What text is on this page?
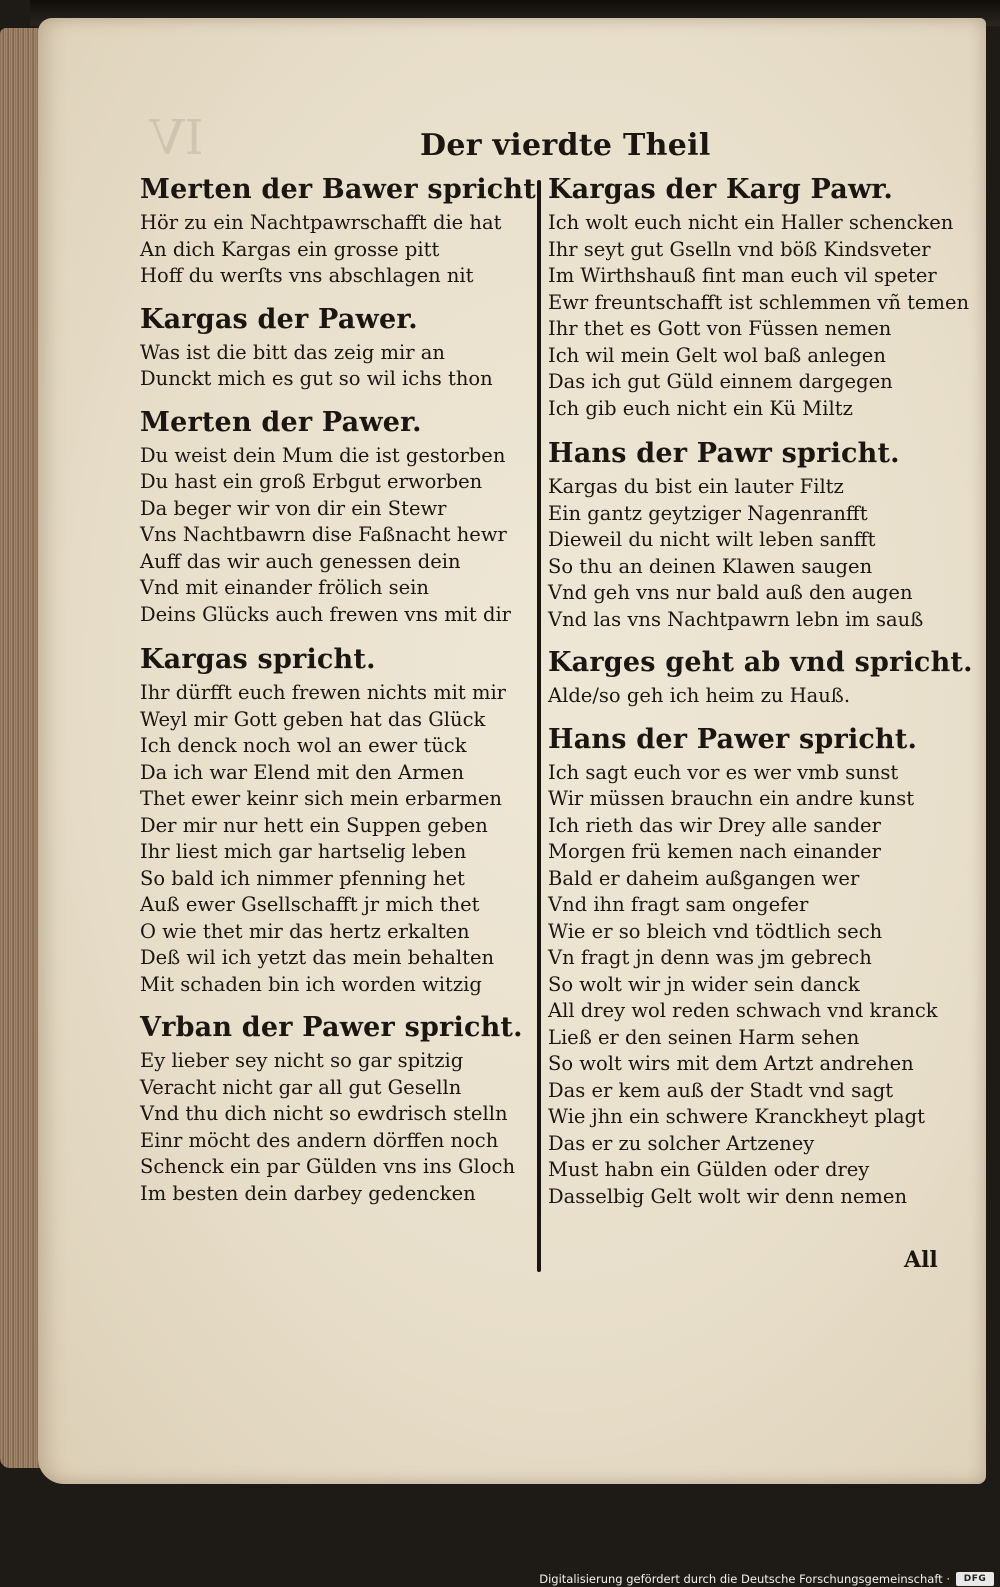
IV	Der vierdte Theil

Merten der Bawer spricht

Hör zu ein Nachtpawrschafft die hat

An dich Kargas ein grosse pitt

Hoff du werſts vns abschlagen nit

Kargas der Pawer.

Was ist die bitt das zeig mir an

Dunckt mich es gut so wil ichs thon

Merten der Pawer.

Du weist dein Mum die ist gestorben

Du hast ein groß Erbgut erworben

Da beger wir von dir ein Stewr

Vns Nachtbawrn dise Faßnacht hewr

Auff das wir auch genessen dein

Vnd mit einander frölich sein

Deins Glücks auch frewen vns mit dir

Kargas spricht.

Ihr dürfft euch frewen nichts mit mir

Weyl mir Gott geben hat das Glück

Ich denck noch wol an ewer tück

Da ich war Elend mit den Armen

Thet ewer keinr sich mein erbarmen

Der mir nur hett ein Suppen geben

Ihr liest mich gar hartselig leben

So bald ich nimmer pfenning het

Auß ewer Gsellschafft jr mich thet

O wie thet mir das hertz erkalten

Deß wil ich yetzt das mein behalten

Mit schaden bin ich worden witzig

Vrban der Pawer spricht.

Ey lieber sey nicht so gar spitzig

Veracht nicht gar all gut Geselln

Vnd thu dich nicht so ewdrisch stelln

Einr möcht des andern dörffen noch

Schenck ein par Gülden vns ins Gloch

Im besten dein darbey gedencken

Kargas der Karg Pawr.

Ich wolt euch nicht ein Haller schencken

Ihr seyt gut Gselln vnd böß Kindsveter

Im Wirthshauß fint man euch vil speter

Ewr freuntschafft ist schlemmen vñ temen

Ihr thet es Gott von Füssen nemen

Ich wil mein Gelt wol baß anlegen

Das ich gut Güld einnem dargegen

Ich gib euch nicht ein Kü Miltz

Hans der Pawr spricht.

Kargas du bist ein lauter Filtz

Ein gantz geytziger Nagenranfft

Dieweil du nicht wilt leben sanfft

So thu an deinen Klawen saugen

Vnd geh vns nur bald auß den augen

Vnd las vns Nachtpawrn lebn im sauß

Karges geht ab vnd spricht.

Alde/so geh ich heim zu Hauß.

Hans der Pawer spricht.

Ich sagt euch vor es wer vmb sunst

Wir müssen brauchn ein andre kunst

Ich rieth das wir Drey alle sander

Morgen frü kemen nach einander

Bald er daheim außgangen wer

Vnd ihn fragt sam ongefer

Wie er so bleich vnd tödtlich sech

Vn fragt jn denn was jm gebrech

So wolt wir jn wider sein danck

All drey wol reden schwach vnd kranck

Ließ er den seinen Harm sehen

So wolt wirs mit dem Artzt andrehen

Das er kem auß der Stadt vnd sagt

Wie jhn ein schwere Kranckheyt plagt

Das er zu solcher Artzeney

Must habn ein Gülden oder drey

Dasselbig Gelt wolt wir denn nemen

All

Digitalisierung gefördert durch die Deutsche Forschungsgemeinschaft ·	DFG
